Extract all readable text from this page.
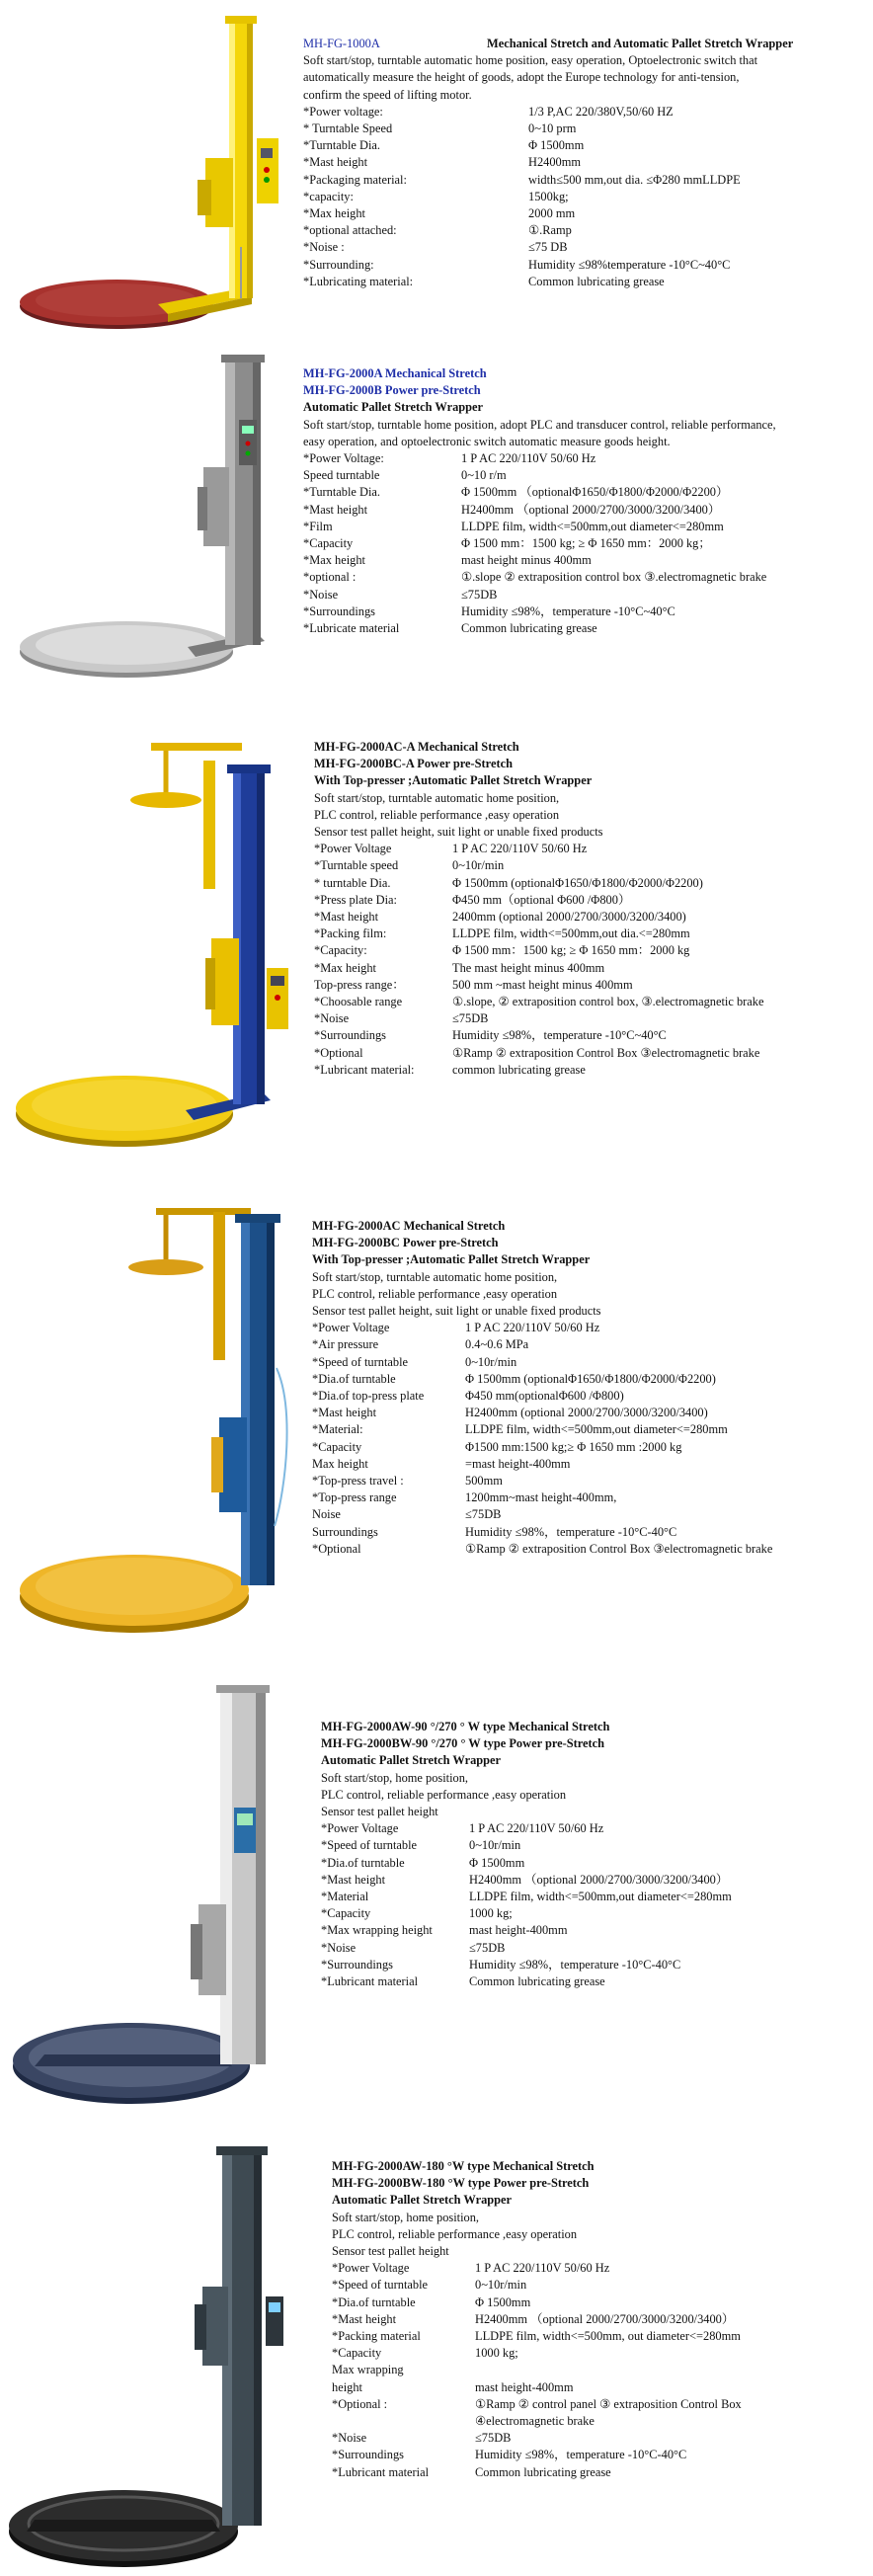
MH-FG-1000A	Mechanical Stretch and Automatic Pallet Stretch Wrapper
Soft start/stop, turntable automatic home position, easy operation, Optoelectronic switch that
automatically measure the height of goods, adopt the Europe technology for anti-tension,
confirm the speed of lifting motor.
*Power voltage:	1/3 P,AC 220/380V,50/60 HZ
* Turntable Speed	0~10 prm
*Turntable Dia.	Φ 1500mm
*Mast height	H2400mm
*Packaging material:	width≤500 mm,out dia. ≤Φ280 mmLLDPE
*capacity:	1500kg;
*Max height	2000 mm
*optional attached:	①.Ramp
*Noise :	≤75 DB
*Surrounding:	Humidity ≤98%temperature -10°C~40°C
*Lubricating material:	Common lubricating grease
MH-FG-2000A Mechanical Stretch
MH-FG-2000B Power pre-Stretch
Automatic Pallet Stretch Wrapper
Soft start/stop, turntable home position, adopt PLC and transducer control, reliable performance,
easy operation, and optoelectronic switch automatic measure goods height.
*Power Voltage:	1 P AC 220/110V 50/60 Hz
Speed turntable	0~10 r/m
*Turntable Dia.	Φ 1500mm （optionalΦ1650/Φ1800/Φ2000/Φ2200）
*Mast height	H2400mm （optional 2000/2700/3000/3200/3400）
*Film	LLDPE film, width<=500mm,out diameter<=280mm
*Capacity	Φ 1500 mm：1500 kg; ≥ Φ 1650 mm：2000 kg；
*Max height	mast height minus 400mm
*optional :	①.slope ② extraposition control box ③.electromagnetic brake
*Noise	≤75DB
*Surroundings	Humidity ≤98%，temperature -10°C~40°C
*Lubricate material	Common lubricating grease
MH-FG-2000AC-A Mechanical Stretch
MH-FG-2000BC-A Power pre-Stretch
With Top-presser ;Automatic Pallet Stretch Wrapper
Soft start/stop, turntable automatic home position,
PLC control, reliable performance ,easy operation
Sensor test pallet height, suit light or unable fixed products
*Power Voltage	1 P AC 220/110V 50/60 Hz
*Turntable speed	0~10r/min
* turntable Dia.	Φ 1500mm (optionalΦ1650/Φ1800/Φ2000/Φ2200)
*Press plate Dia:	Φ450 mm（optional Φ600 /Φ800）
*Mast height	2400mm (optional 2000/2700/3000/3200/3400)
*Packing film:	LLDPE film, width<=500mm,out dia.<=280mm
*Capacity:	Φ 1500 mm：1500 kg; ≥ Φ 1650 mm：2000 kg
*Max height	The mast height minus 400mm
Top-press range：	500 mm ~mast height minus 400mm
*Choosable range	①.slope, ② extraposition control box, ③.electromagnetic brake
*Noise	≤75DB
*Surroundings	Humidity ≤98%，temperature -10°C~40°C
*Optional	①Ramp ② extraposition Control Box ③electromagnetic brake
*Lubricant material:	common lubricating grease
MH-FG-2000AC Mechanical Stretch
MH-FG-2000BC Power pre-Stretch
With Top-presser ;Automatic Pallet Stretch Wrapper
Soft start/stop, turntable automatic home position,
PLC control, reliable performance ,easy operation
Sensor test pallet height, suit light or unable fixed products
*Power Voltage	1 P AC 220/110V 50/60 Hz
*Air pressure	0.4~0.6 MPa
*Speed of turntable	0~10r/min
*Dia.of turntable	Φ 1500mm (optionalΦ1650/Φ1800/Φ2000/Φ2200)
*Dia.of top-press plate	Φ450 mm(optionalΦ600 /Φ800)
*Mast height	H2400mm (optional 2000/2700/3000/3200/3400)
*Material:	LLDPE film, width<=500mm,out diameter<=280mm
*Capacity	Φ1500 mm:1500 kg;≥ Φ 1650 mm :2000 kg
Max height	=mast height-400mm
*Top-press travel :	500mm
*Top-press range	1200mm~mast height-400mm,
Noise	≤75DB
Surroundings	Humidity ≤98%，temperature -10°C-40°C
*Optional	①Ramp ② extraposition Control Box ③electromagnetic brake
MH-FG-2000AW-90 °/270 ° W type Mechanical Stretch
MH-FG-2000BW-90 °/270 ° W type Power pre-Stretch
Automatic Pallet Stretch Wrapper
Soft start/stop, home position,
PLC control, reliable performance ,easy operation
Sensor test pallet height
*Power Voltage	1 P AC 220/110V 50/60 Hz
*Speed of turntable	0~10r/min
*Dia.of turntable	Φ 1500mm
*Mast height	H2400mm （optional 2000/2700/3000/3200/3400）
*Material	LLDPE film, width<=500mm,out diameter<=280mm
*Capacity	1000 kg;
*Max wrapping height	mast height-400mm
*Noise	≤75DB
*Surroundings	Humidity ≤98%，temperature -10°C-40°C
*Lubricant material	Common lubricating grease
MH-FG-2000AW-180 °W type Mechanical Stretch
MH-FG-2000BW-180 °W type Power pre-Stretch
Automatic Pallet Stretch Wrapper
Soft start/stop, home position,
PLC control, reliable performance ,easy operation
Sensor test pallet height
*Power Voltage	1 P AC 220/110V 50/60 Hz
*Speed of turntable	0~10r/min
*Dia.of turntable	Φ 1500mm
*Mast height	H2400mm （optional 2000/2700/3000/3200/3400）
*Packing material	LLDPE film, width<=500mm, out diameter<=280mm
*Capacity	1000 kg;
Max wrapping
height	mast height-400mm
*Optional :	①Ramp ② control panel ③ extraposition Control Box
④electromagnetic brake
*Noise	≤75DB
*Surroundings	Humidity ≤98%，temperature -10°C-40°C
*Lubricant material	Common lubricating grease
